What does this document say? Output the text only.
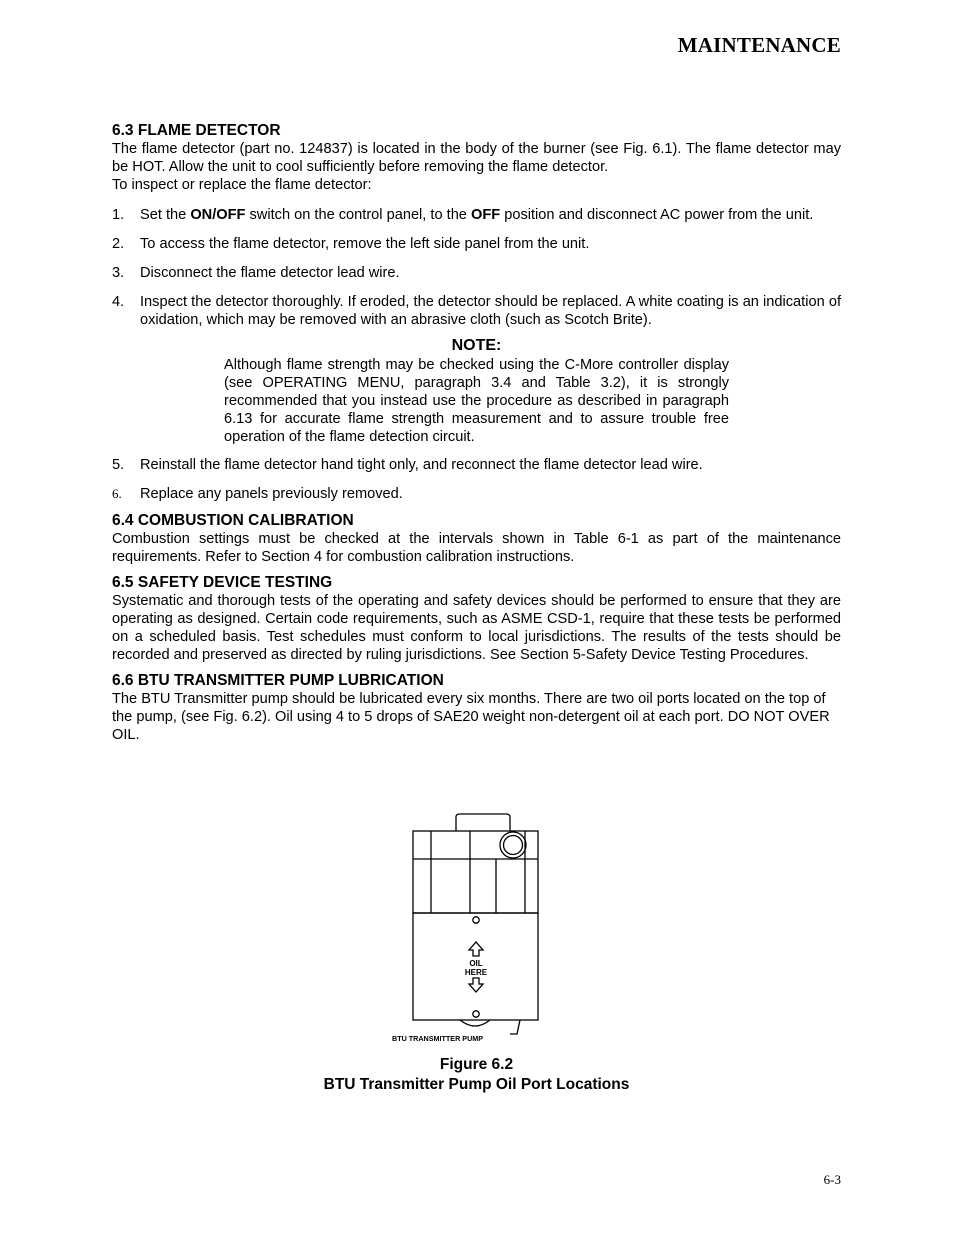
MAINTENANCE
6.3 FLAME DETECTOR

The flame detector (part no. 124837) is located in the body of the burner (see Fig. 6.1). The flame detector may be HOT. Allow the unit to cool sufficiently before removing the flame detector.

To inspect or replace the flame detector:

1.	Set the ON/OFF switch on the control panel, to the OFF position and disconnect AC power from the unit.
2.	To access the flame detector, remove the left side panel from the unit.
3.	Disconnect the flame detector lead wire.
4.	Inspect the detector thoroughly. If eroded, the detector should be replaced. A white coating is an indication of oxidation, which may be removed with an abrasive cloth (such as Scotch Brite).
NOTE:
Although flame strength may be checked using the C-More controller display (see OPERATING MENU, paragraph 3.4 and Table 3.2), it is strongly recommended that you instead use the procedure as described in paragraph 6.13 for accurate flame strength measurement and to assure trouble free operation of the flame detection circuit.
5.	Reinstall the flame detector hand tight only, and reconnect the flame detector lead wire.
6.	Replace any panels previously removed.
6.4 COMBUSTION CALIBRATION

Combustion settings must be checked at the intervals shown in Table 6-1 as part of the maintenance requirements. Refer to Section 4 for combustion calibration instructions.

6.5 SAFETY DEVICE TESTING

Systematic and thorough tests of the operating and safety devices should be performed to ensure that they are operating as designed. Certain code requirements, such as ASME CSD-1, require that these tests be performed on a scheduled basis. Test schedules must conform to local jurisdictions. The results of the tests should be recorded and preserved as directed by ruling jurisdictions. See Section 5-Safety Device Testing Procedures.

6.6 BTU TRANSMITTER PUMP LUBRICATION

The BTU Transmitter pump should be lubricated every six months. There are two oil ports located on the top of the pump, (see Fig. 6.2). Oil using 4 to 5 drops of SAE20 weight non-detergent oil at each port. DO NOT OVER OIL.

OIL
HERE
BTU TRANSMITTER PUMP
Figure 6.2
BTU Transmitter Pump Oil Port Locations
6-3
